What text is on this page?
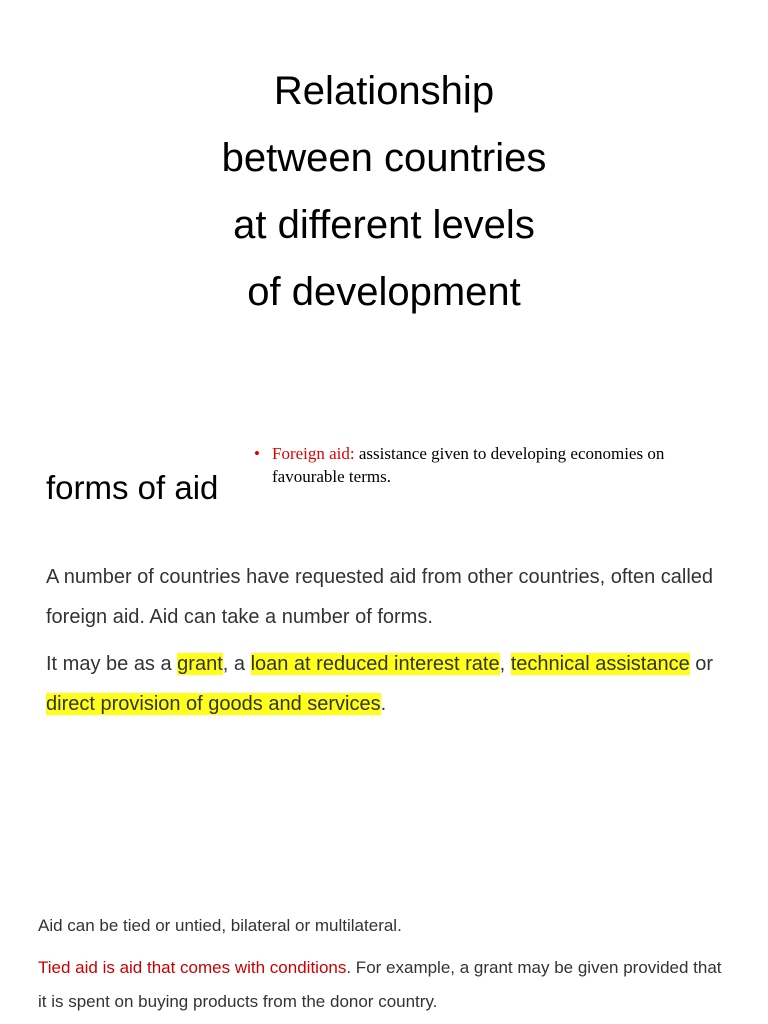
Relationship
between countries
at different levels
of development
forms of aid
• Foreign aid: assistance given to developing economies on favourable terms.
A number of countries have requested aid from other countries, often called foreign aid. Aid can take a number of forms.
It may be as a grant, a loan at reduced interest rate, technical assistance or direct provision of goods and services.
Aid can be tied or untied, bilateral or multilateral.
Tied aid is aid that comes with conditions. For example, a grant may be given provided that it is spent on buying products from the donor country.
